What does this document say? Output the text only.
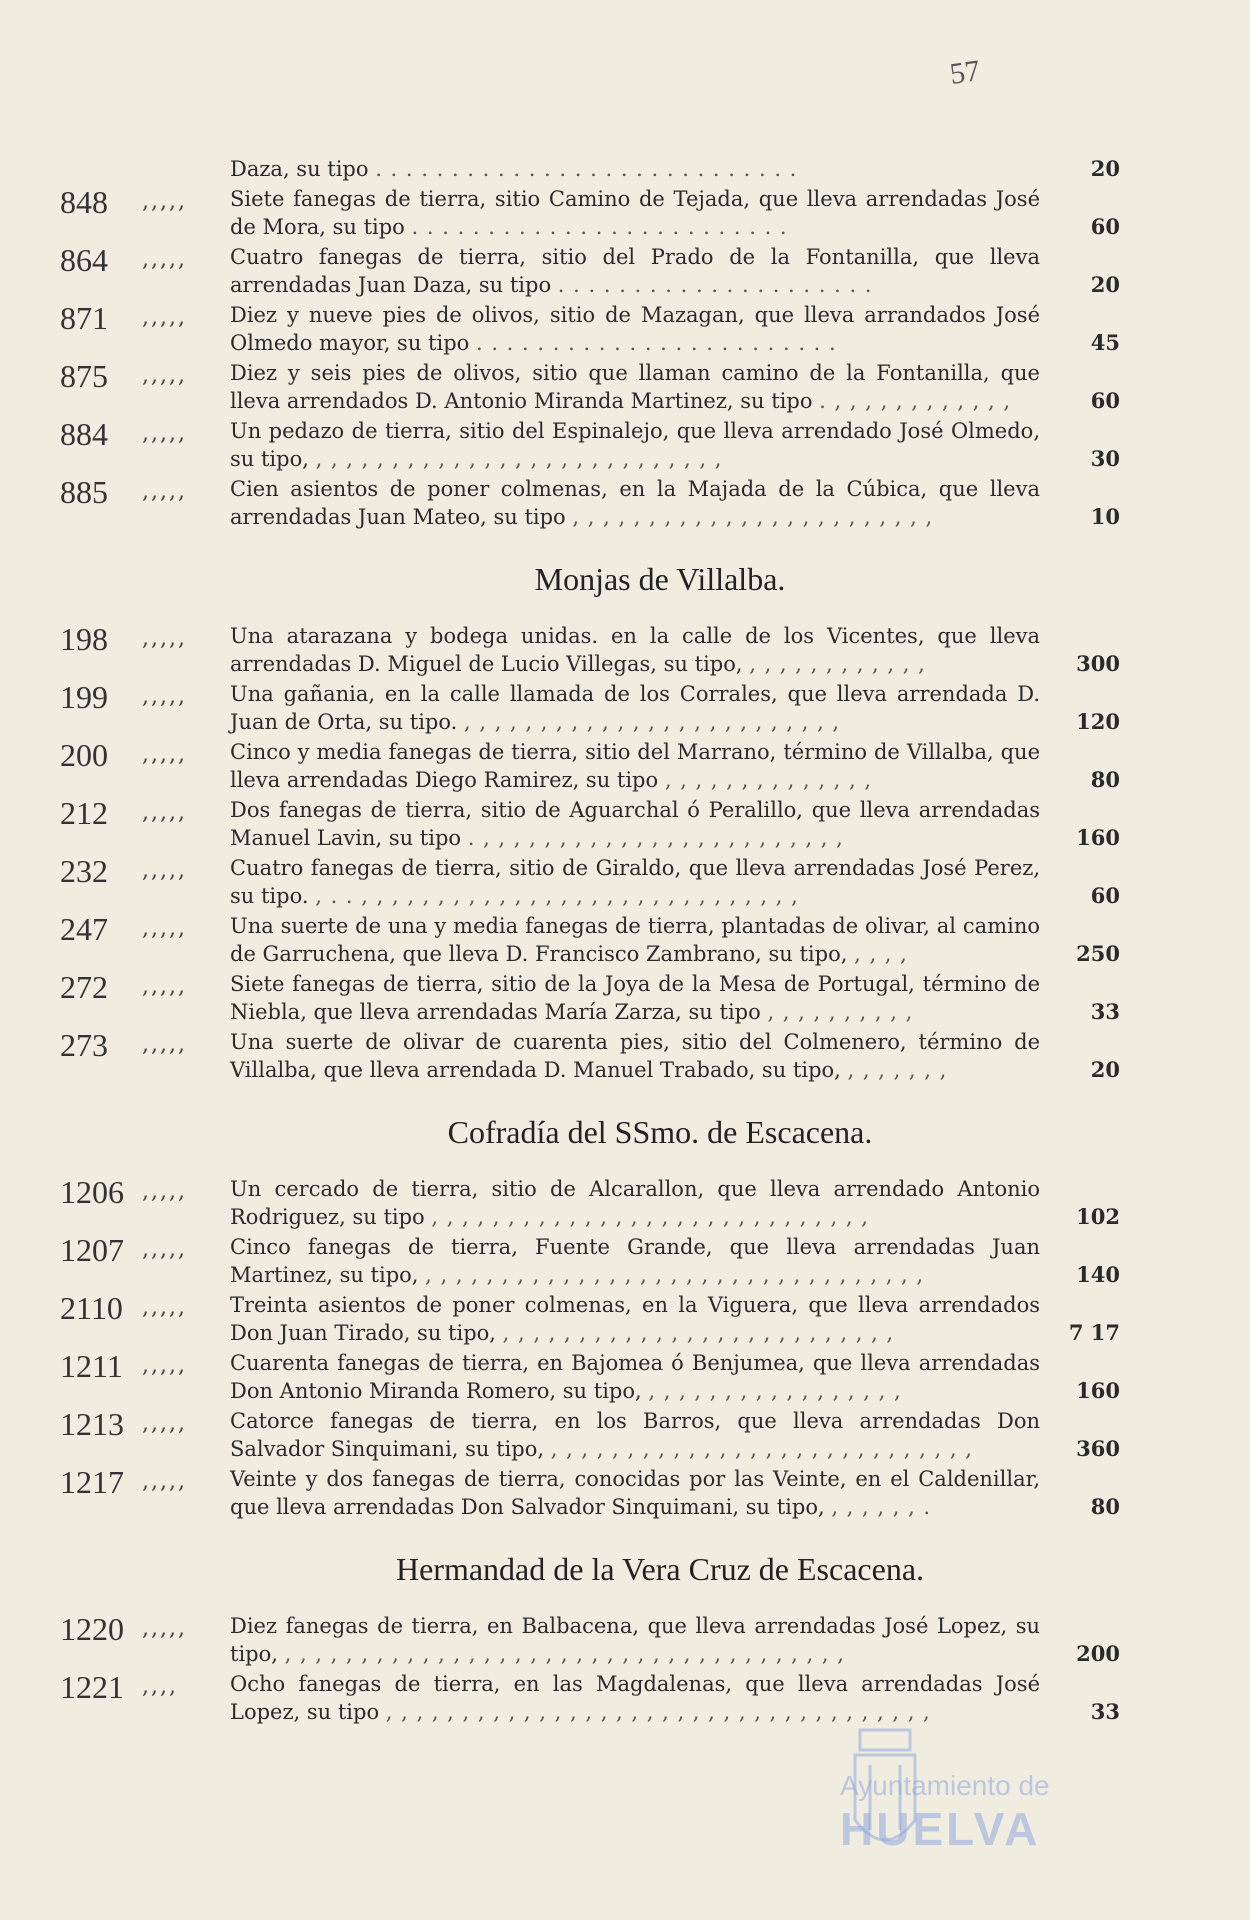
57
Daza, su tipo . . . . . . . . . . . . . . . . . . . . . . . . . . . .	20
848	,,,,,	Siete fanegas de tierra, sitio Camino de Tejada, que lleva arrendadas José de Mora, su tipo . . . . . . . . . . . . . . . . . . . . . . . . .	60
864	,,,,,	Cuatro fanegas de tierra, sitio del Prado de la Fontanilla, que lleva arrendadas Juan Daza, su tipo . . . . . . . . . . . . . . . . . . . . .	20
871	,,,,,	Diez y nueve pies de olivos, sitio de Mazagan, que lleva arrandados José Olmedo mayor, su tipo . . . . . . . . . . . . . . . . . . . . . . . .	45
875	,,,,,	Diez y seis pies de olivos, sitio que llaman camino de la Fontanilla, que lleva arrendados D. Antonio Miranda Martinez, su tipo . , , , , , , , , , , , ,	60
884	,,,,,	Un pedazo de tierra, sitio del Espinalejo, que lleva arrendado José Olmedo, su tipo, , , , , , , , , , , , , , , , , , , , , , , , , , , ,	30
885	,,,,,	Cien asientos de poner colmenas, en la Majada de la Cúbica, que lleva arrendadas Juan Mateo, su tipo , , , , , , , , , , , , , , , , , , , , , , , ,	10
Monjas de Villalba.
198	,,,,,	Una atarazana y bodega unidas. en la calle de los Vicentes, que lleva arrendadas D. Miguel de Lucio Villegas, su tipo, , , , , , , , , , , , ,	300
199	,,,,,	Una gañania, en la calle llamada de los Corrales, que lleva arrendada D. Juan de Orta, su tipo. , , , , , , , , , , , , , , , , , , , , , , , , ,	120
200	,,,,,	Cinco y media fanegas de tierra, sitio del Marrano, término de Villalba, que lleva arrendadas Diego Ramirez, su tipo , , , , , , , , , , , , , ,	80
212	,,,,,	Dos fanegas de tierra, sitio de Aguarchal ó Peralillo, que lleva arrendadas Manuel Lavin, su tipo . , , , , , , , , , , , , , , , , , , , , , , , ,	160
232	,,,,,	Cuatro fanegas de tierra, sitio de Giraldo, que lleva arrendadas José Perez, su tipo. , . . , , , , , , , , , , , , , , , , , , , , , , , , , , , , ,	60
247	,,,,,	Una suerte de una y media fanegas de tierra, plantadas de olivar, al camino de Garruchena, que lleva D. Francisco Zambrano, su tipo, , , , ,	250
272	,,,,,	Siete fanegas de tierra, sitio de la Joya de la Mesa de Portugal, término de Niebla, que lleva arrendadas María Zarza, su tipo , , , , , , , , , ,	33
273	,,,,,	Una suerte de olivar de cuarenta pies, sitio del Colmenero, término de Villalba, que lleva arrendada D. Manuel Trabado, su tipo, , , , , , , ,	20
Cofradía del SSmo. de Escacena.
1206 ,,,,,	Un cercado de tierra, sitio de Alcarallon, que lleva arrendado Antonio Rodriguez, su tipo , , , , , , , , , , , , , , , , , , , , , , , , , , , , ,	102
1207 ,,,,,	Cinco fanegas de tierra, Fuente Grande, que lleva arrendadas Juan Martinez, su tipo, , , , , , , , , , , , , , , , , , , , , , , , , , , , , , , , , ,	140
2110 ,,,,,	Treinta asientos de poner colmenas, en la Viguera, que lleva arrendados Don Juan Tirado, su tipo, , , , , , , , , , , , , , , , , , , , , , , , , , ,	7 17
1211 ,,,,,	Cuarenta fanegas de tierra, en Bajomea ó Benjumea, que lleva arrendadas Don Antonio Miranda Romero, su tipo, , , , , , , , , , , , , , , , , ,	160
1213 ,,,,,	Catorce fanegas de tierra, en los Barros, que lleva arrendadas Don Salvador Sinquimani, su tipo, , , , , , , , , , , , , , , , , , , , , , , , , , , , ,	360
1217 ,,,,,	Veinte y dos fanegas de tierra, conocidas por las Veinte, en el Caldenillar, que lleva arrendadas Don Salvador Sinquimani, su tipo, , , , , , , .	80
Hermandad de la Vera Cruz de Escacena.
1220 ,,,,,	Diez fanegas de tierra, en Balbacena, que lleva arrendadas José Lopez, su tipo, , , , , , , , , , , , , , , , , , , , , , , , , , , , , , , , , , , , , ,	200
1221 ,,,,	Ocho fanegas de tierra, en las Magdalenas, que lleva arrendadas José Lopez, su tipo , , , , , , , , , , , , , , , , , , , , , , , , , , , , , , , , , , , ,	33
Ayuntamiento de
HUELVA
